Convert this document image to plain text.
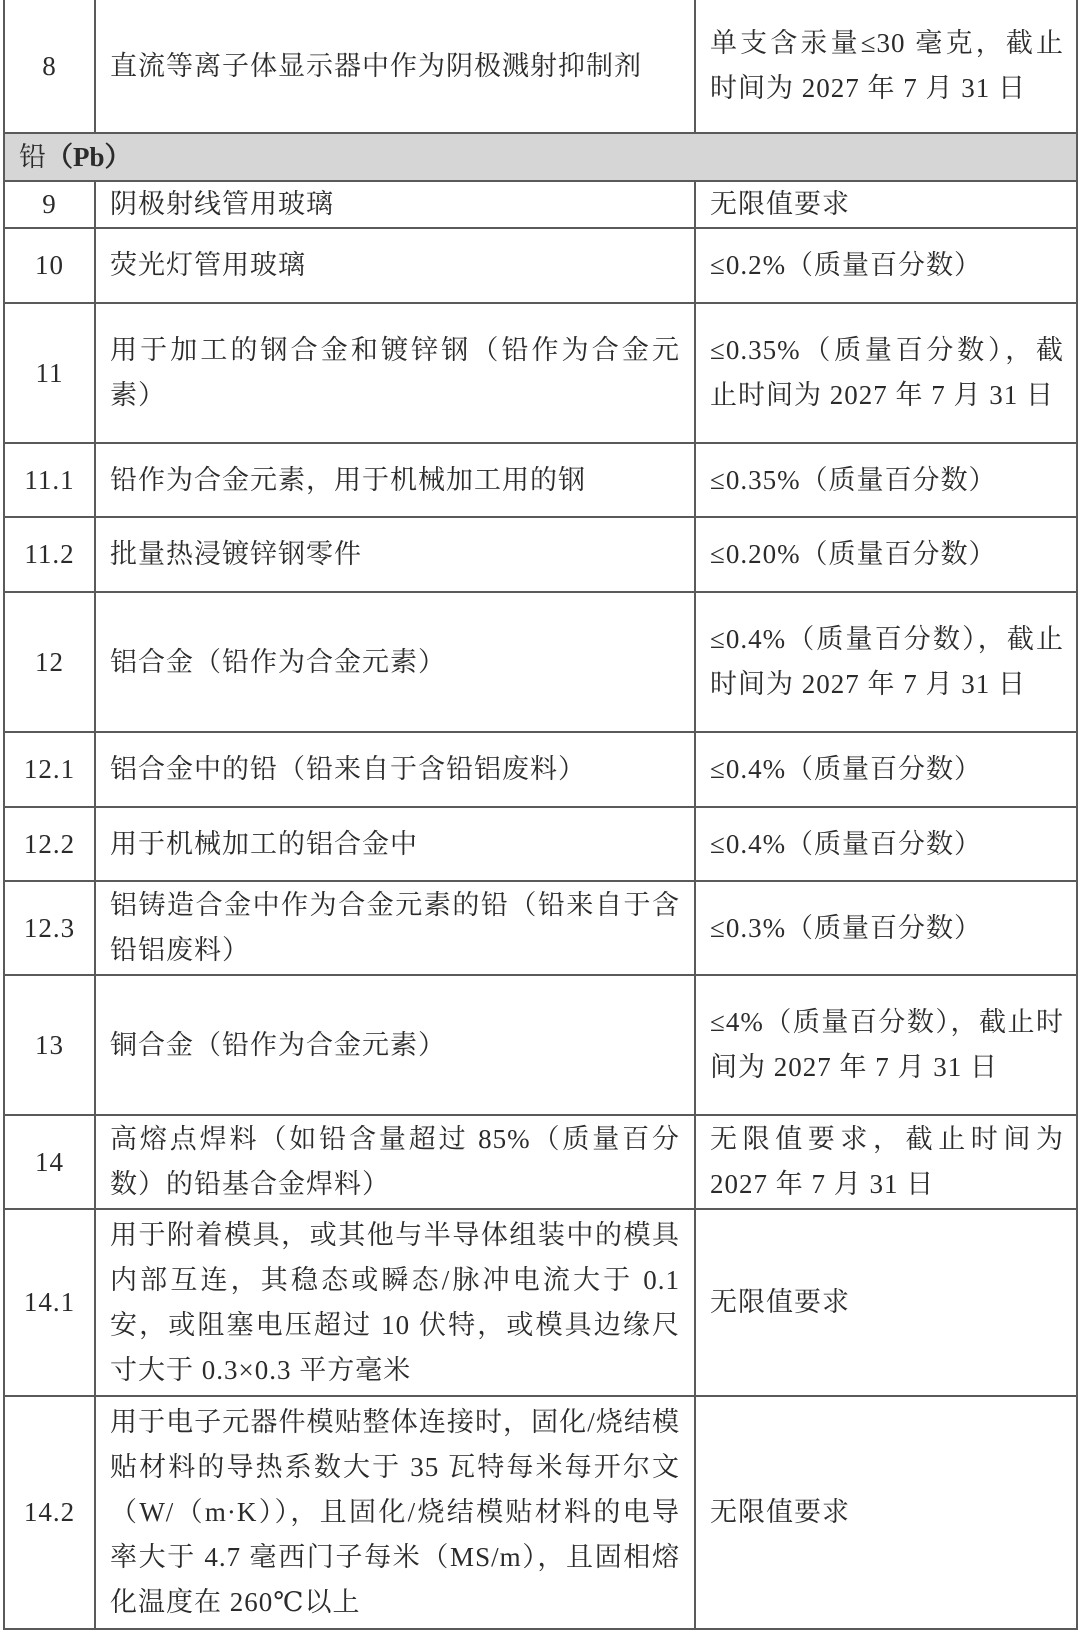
8	直流等离子体显示器中作为阴极溅射抑制剂	单支含汞量≤30 毫克，截止时间为 2027 年 7 月 31 日

铅（Pb）		
9	阴极射线管用玻璃	无限值要求

10	荧光灯管用玻璃	≤0.2%（质量百分数）

11	用于加工的钢合金和镀锌钢（铅作为合金元素）	≤0.35%（质量百分数），截止时间为 2027 年 7 月 31 日

11.1	铅作为合金元素，用于机械加工用的钢	≤0.35%（质量百分数）

11.2	批量热浸镀锌钢零件	≤0.20%（质量百分数）

12	铝合金（铅作为合金元素）	≤0.4%（质量百分数），截止时间为 2027 年 7 月 31 日

12.1	铝合金中的铅（铅来自于含铅铝废料）	≤0.4%（质量百分数）

12.2	用于机械加工的铝合金中	≤0.4%（质量百分数）

12.3	铝铸造合金中作为合金元素的铅（铅来自于含铅铝废料）	≤0.3%（质量百分数）

13	铜合金（铅作为合金元素）	≤4%（质量百分数），截止时间为 2027 年 7 月 31 日

14	高熔点焊料（如铅含量超过 85%（质量百分数）的铅基合金焊料）	无限值要求，截止时间为 2027 年 7 月 31 日

14.1	用于附着模具，或其他与半导体组装中的模具内部互连，其稳态或瞬态/脉冲电流大于 0.1 安，或阻塞电压超过 10 伏特，或模具边缘尺寸大于 0.3×0.3 平方毫米	无限值要求

14.2	用于电子元器件模贴整体连接时，固化/烧结模贴材料的导热系数大于 35 瓦特每米每开尔文（W/（m·K）），且固化/烧结模贴材料的电导率大于 4.7 毫西门子每米（MS/m），且固相熔化温度在 260℃以上	无限值要求
